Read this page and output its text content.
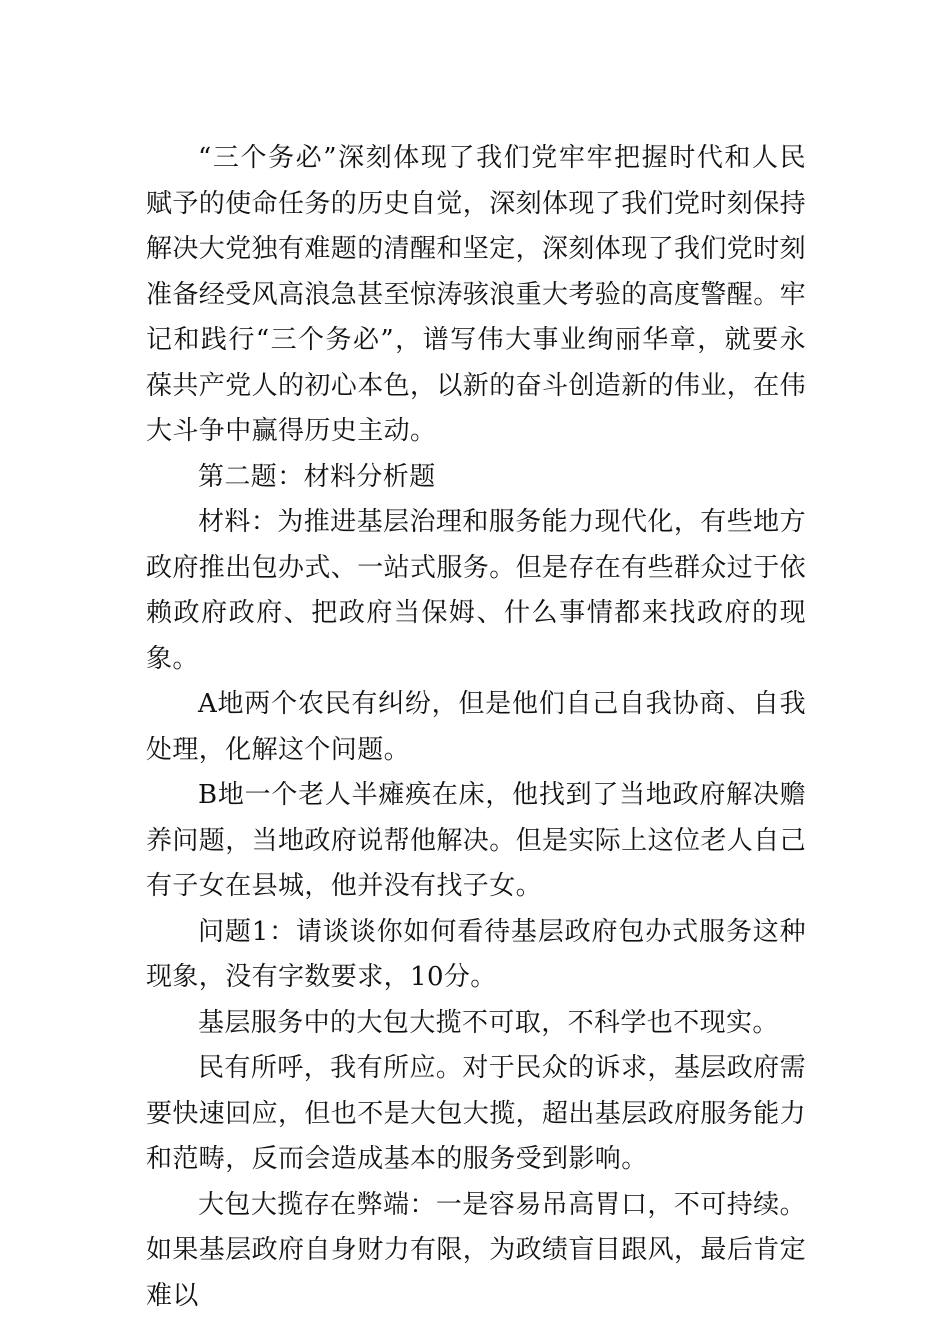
“三个务必”深刻体现了我们党牢牢把握时代和人民赋予的使命任务的历史自觉，深刻体现了我们党时刻保持解决大党独有难题的清醒和坚定，深刻体现了我们党时刻准备经受风高浪急甚至惊涛骇浪重大考验的高度警醒。牢记和践行“三个务必”，谱写伟大事业绚丽华章，就要永葆共产党人的初心本色，以新的奋斗创造新的伟业，在伟大斗争中赢得历史主动。

第二题：材料分析题

材料：为推进基层治理和服务能力现代化，有些地方政府推出包办式、一站式服务。但是存在有些群众过于依赖政府政府、把政府当保姆、什么事情都来找政府的现象。

A地两个农民有纠纷，但是他们自己自我协商、自我处理，化解这个问题。

B地一个老人半瘫痪在床，他找到了当地政府解决赡养问题，当地政府说帮他解决。但是实际上这位老人自己有子女在县城，他并没有找子女。

问题1：请谈谈你如何看待基层政府包办式服务这种现象，没有字数要求，10分。

基层服务中的大包大揽不可取，不科学也不现实。

民有所呼，我有所应。对于民众的诉求，基层政府需要快速回应，但也不是大包大揽，超出基层政府服务能力和范畴，反而会造成基本的服务受到影响。

大包大揽存在弊端：一是容易吊高胃口，不可持续。如果基层政府自身财力有限，为政绩盲目跟风，最后肯定难以
